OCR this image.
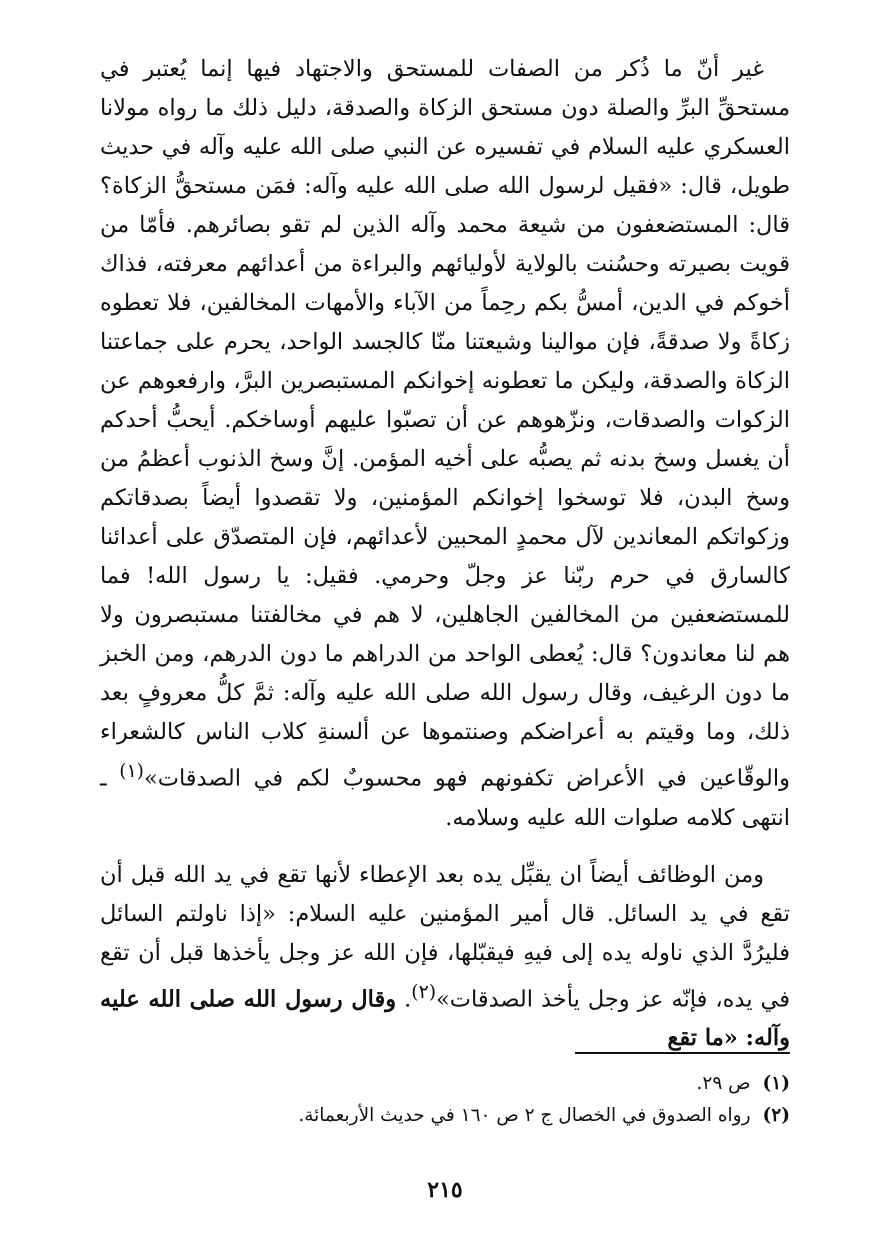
غير أنّ ما ذُكر من الصفات للمستحق والاجتهاد فيها إنما يُعتبر في مستحقِّ البرِّ والصلة دون مستحق الزكاة والصدقة، دليل ذلك ما رواه مولانا العسكري عليه السلام في تفسيره عن النبي صلى الله عليه وآله في حديث طويل، قال: «فقيل لرسول الله صلى الله عليه وآله: فمَن مستحقُّ الزكاة؟ قال: المستضعفون من شيعة محمد وآله الذين لم تقو بصائرهم. فأمّا من قويت بصيرته وحسُنت بالولاية لأوليائهم والبراءة من أعدائهم معرفته، فذاك أخوكم في الدين، أمسُّ بكم رحِماً من الآباء والأمهات المخالفين، فلا تعطوه زكاةً ولا صدقةً، فإن موالينا وشيعتنا منّا كالجسد الواحد، يحرم على جماعتنا الزكاة والصدقة، وليكن ما تعطونه إخوانكم المستبصرين البرَّ، وارفعوهم عن الزكوات والصدقات، ونزّهوهم عن أن تصبّوا عليهم أوساخكم. أيحبُّ أحدكم أن يغسل وسخ بدنه ثم يصبُّه على أخيه المؤمن. إنَّ وسخ الذنوب أعظمُ من وسخ البدن، فلا توسخوا إخوانكم المؤمنين، ولا تقصدوا أيضاً بصدقاتكم وزكواتكم المعاندين لآل محمدٍ المحبين لأعدائهم، فإن المتصدّق على أعدائنا كالسارق في حرم ربّنا عز وجلّ وحرمي. فقيل: يا رسول الله! فما للمستضعفين من المخالفين الجاهلين، لا هم في مخالفتنا مستبصرون ولا هم لنا معاندون؟ قال: يُعطى الواحد من الدراهم ما دون الدرهم، ومن الخبز ما دون الرغيف، وقال رسول الله صلى الله عليه وآله: ثمَّ كلُّ معروفٍ بعد ذلك، وما وقيتم به أعراضكم وصنتموها عن ألسنةِ كلاب الناس كالشعراء والوقّاعين في الأعراض تكفونهم فهو محسوبٌ لكم في الصدقات»$^{(١)}$ ـ انتهى كلامه صلوات الله عليه وسلامه.

ومن الوظائف أيضاً ان يقبِّل يده بعد الإعطاء لأنها تقع في يد الله قبل أن تقع في يد السائل. قال أمير المؤمنين عليه السلام: «إذا ناولتم السائل فليرُدَّ الذي ناوله يده إلى فيهِ فيقبّلها، فإن الله عز وجل يأخذها قبل أن تقع في يده، فإنّه عز وجل يأخذ الصدقات»$^{(٢)}$. وقال رسول الله صلى الله عليه وآله: «ما تقع

(١)
ص ٢٩.
(٢)
رواه الصدوق في الخصال ج ٢ ص ١٦٠ في حديث الأربعمائة.
٢١٥
